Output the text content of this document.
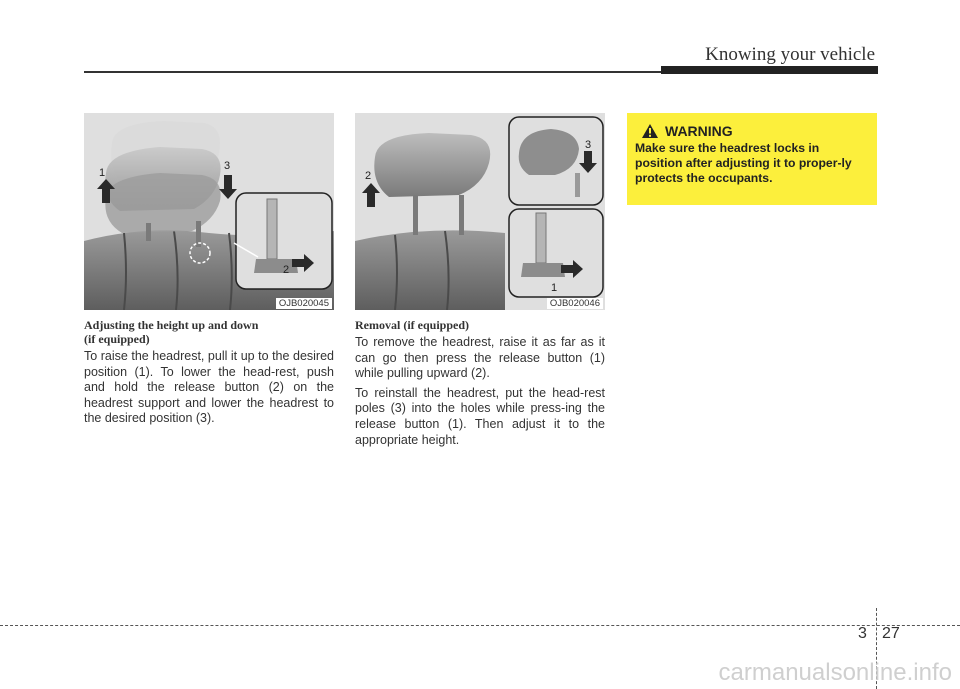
Knowing your vehicle
1
3
2
OJB020045
1
2
3
OJB020046
Adjusting the height up and down
(if equipped)

To raise the headrest, pull it up to the desired position (1). To lower the head-rest, push and hold the release button (2) on the headrest support and lower the headrest to the desired position (3).

Removal (if equipped)

To remove the headrest, raise it as far as it can go then press the release button (1) while pulling upward (2).

To reinstall the headrest, put the head-rest poles (3) into the holes while press-ing the release button (1). Then adjust it to the appropriate height.

WARNING
Make sure the headrest locks in position after adjusting it to proper-ly protects the occupants.
3 27
carmanualsonline.info
